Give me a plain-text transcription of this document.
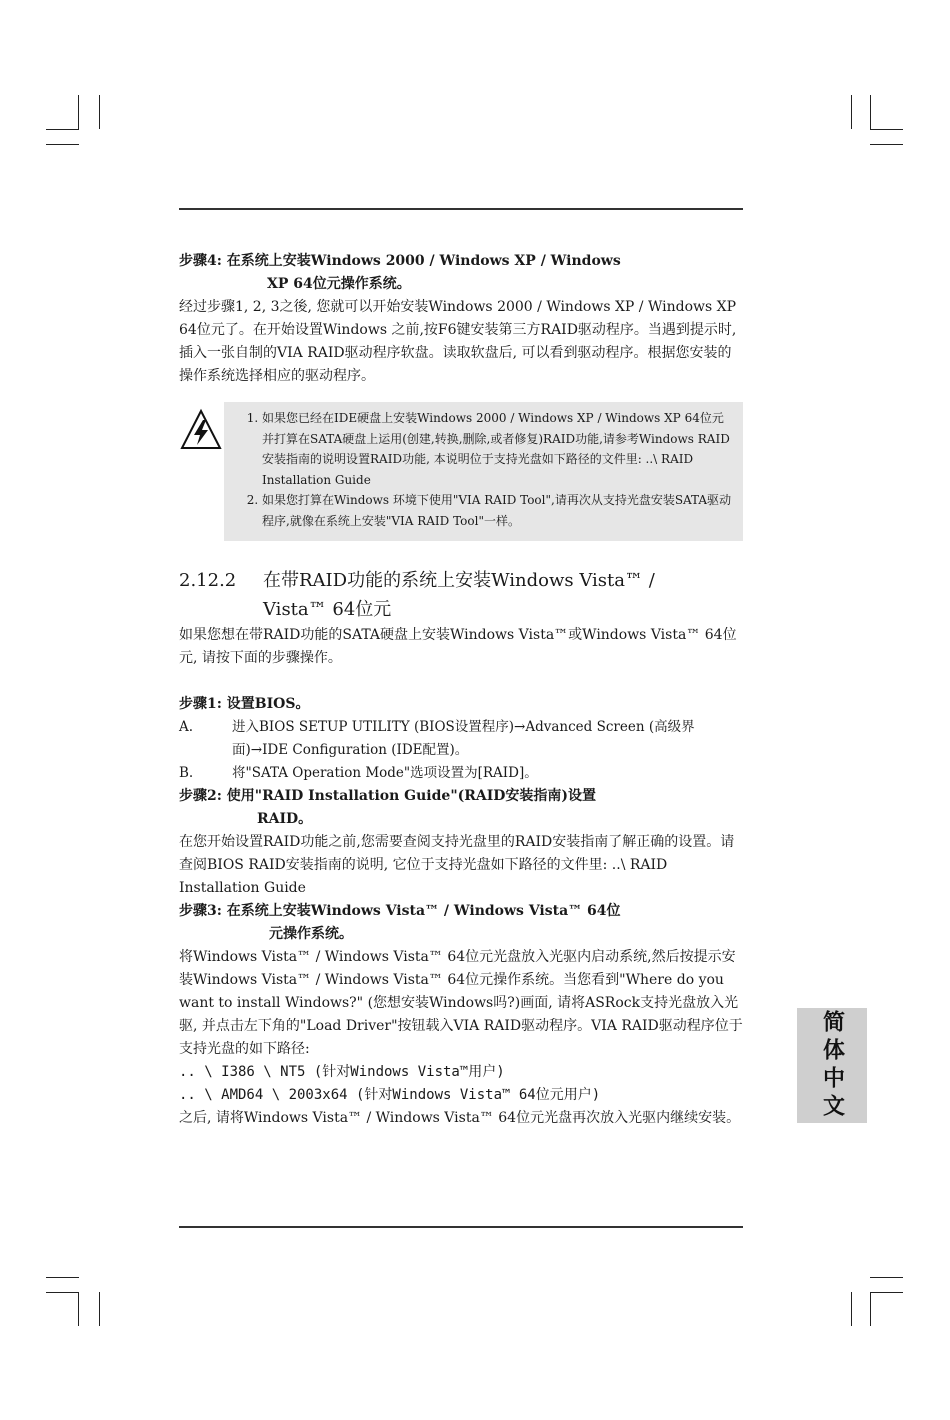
步骤4: 在系统上安装Windows 2000 / Windows XP / Windows
XP 64位元操作系统。

经过步骤1, 2, 3之後, 您就可以开始安装Windows 2000 / Windows XP / Windows XP 64位元了。在开始设置Windows 之前,按F6键安装第三方RAID驱动程序。当遇到提示时,插入一张自制的VIA RAID驱动程序软盘。读取软盘后, 可以看到驱动程序。根据您安装的操作系统选择相应的驱动程序。

1. 如果您已经在IDE硬盘上安装Windows 2000 / Windows XP / Windows XP 64位元并打算在SATA硬盘上运用(创建,转换,删除,或者修复)RAID功能,请参考Windows RAID安装指南的说明设置RAID功能, 本说明位于支持光盘如下路径的文件里: ..\ RAID Installation Guide
2. 如果您打算在Windows 环境下使用"VIA RAID Tool",请再次从支持光盘安装SATA驱动程序,就像在系统上安装"VIA RAID Tool"一样。
2.12.2 在带RAID功能的系统上安装Windows Vista™ /
Vista™ 64位元

如果您想在带RAID功能的SATA硬盘上安装Windows Vista™或Windows Vista™ 64位元, 请按下面的步骤操作。

步骤1: 设置BIOS。

A.	进入BIOS SETUP UTILITY (BIOS设置程序)→Advanced Screen (高级界面)→IDE Configuration (IDE配置)。

B.	将"SATA Operation Mode"选项设置为[RAID]。

步骤2: 使用"RAID Installation Guide"(RAID安装指南)设置
RAID。

在您开始设置RAID功能之前,您需要查阅支持光盘里的RAID安装指南了解正确的设置。请查阅BIOS RAID安装指南的说明, 它位于支持光盘如下路径的文件里: ..\ RAID Installation Guide

步骤3: 在系统上安装Windows Vista™ / Windows Vista™ 64位
元操作系统。

将Windows Vista™ / Windows Vista™ 64位元光盘放入光驱内启动系统,然后按提示安装Windows Vista™ / Windows Vista™ 64位元操作系统。当您看到"Where do you want to install Windows?" (您想安装Windows吗?)画面, 请将ASRock支持光盘放入光驱, 并点击左下角的"Load Driver"按钮载入VIA RAID驱动程序。VIA RAID驱动程序位于支持光盘的如下路径:

.. \ I386 \ NT5 (针对Windows Vista™用户)

.. \ AMD64 \ 2003x64 (针对Windows Vista™ 64位元用户)

之后, 请将Windows Vista™ / Windows Vista™ 64位元光盘再次放入光驱内继续安装。	简体中文
